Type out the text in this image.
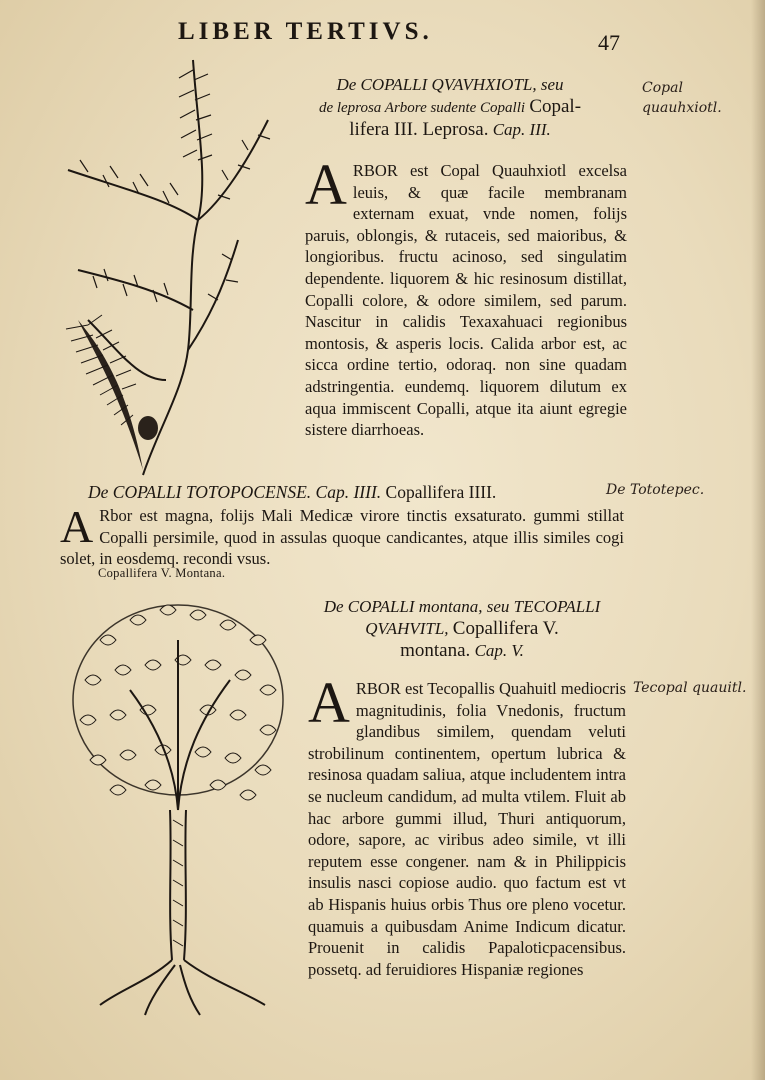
LIBER TERTIVS.	47
Copal quauhxiotl.
De Tototepec.
Tecopal quauitl.
De COPALLI QVAVHXIOTL, seu
de leprosa Arbore sudente Copalli Copal-
lifera III. Leprosa. Cap. III.
ARBOR est Copal Quauhxiotl excelsa leuis, & quæ facile membranam externam exuat, vnde nomen, folijs paruis, oblongis, & rutaceis, sed maioribus, & longioribus. fructu acinoso, sed singulatim dependente. liquorem & hic resinosum distillat, Copalli colore, & odore similem, sed parum. Nascitur in calidis Texaxahuaci regionibus montosis, & asperis locis. Calida arbor est, ac sicca ordine tertio, odoraq. non sine quadam adstringentia. eundemq. liquorem dilutum ex aqua immiscent Copalli, atque ita aiunt egregie sistere diarrhoeas.
De COPALLI TOTOPOCENSE. Cap. IIII. Copallifera IIII.
A Rbor est magna, folijs Mali Medicæ virore tinctis exsaturato. gummi stillat Copalli persimile, quod in assulas quoque candicantes, atque illis similes cogi solet, in eosdemq. recondi vsus.
Copallifera V. Montana.
De COPALLI montana, seu TECOPALLI
QVAHVITL, Copallifera V.
montana. Cap. V.
ARBOR est Tecopallis Quahuitl mediocris magnitudinis, folia Vnedonis, fructum glandibus similem, quendam veluti strobilinum continentem, opertum lubrica & resinosa quadam saliua, atque includentem intra se nucleum candidum, ad multa vtilem. Fluit ab hac arbore gummi illud, Thuri antiquorum, odore, sapore, ac viribus adeo simile, vt illi reputem esse congener. nam & in Philippicis insulis nasci copiose audio. quo factum est vt ab Hispanis huius orbis Thus ore pleno vocetur. quamuis a quibusdam Anime Indicum dicatur. Prouenit in calidis Papaloticpacensibus. possetq. ad feruidiores Hispaniæ regiones
